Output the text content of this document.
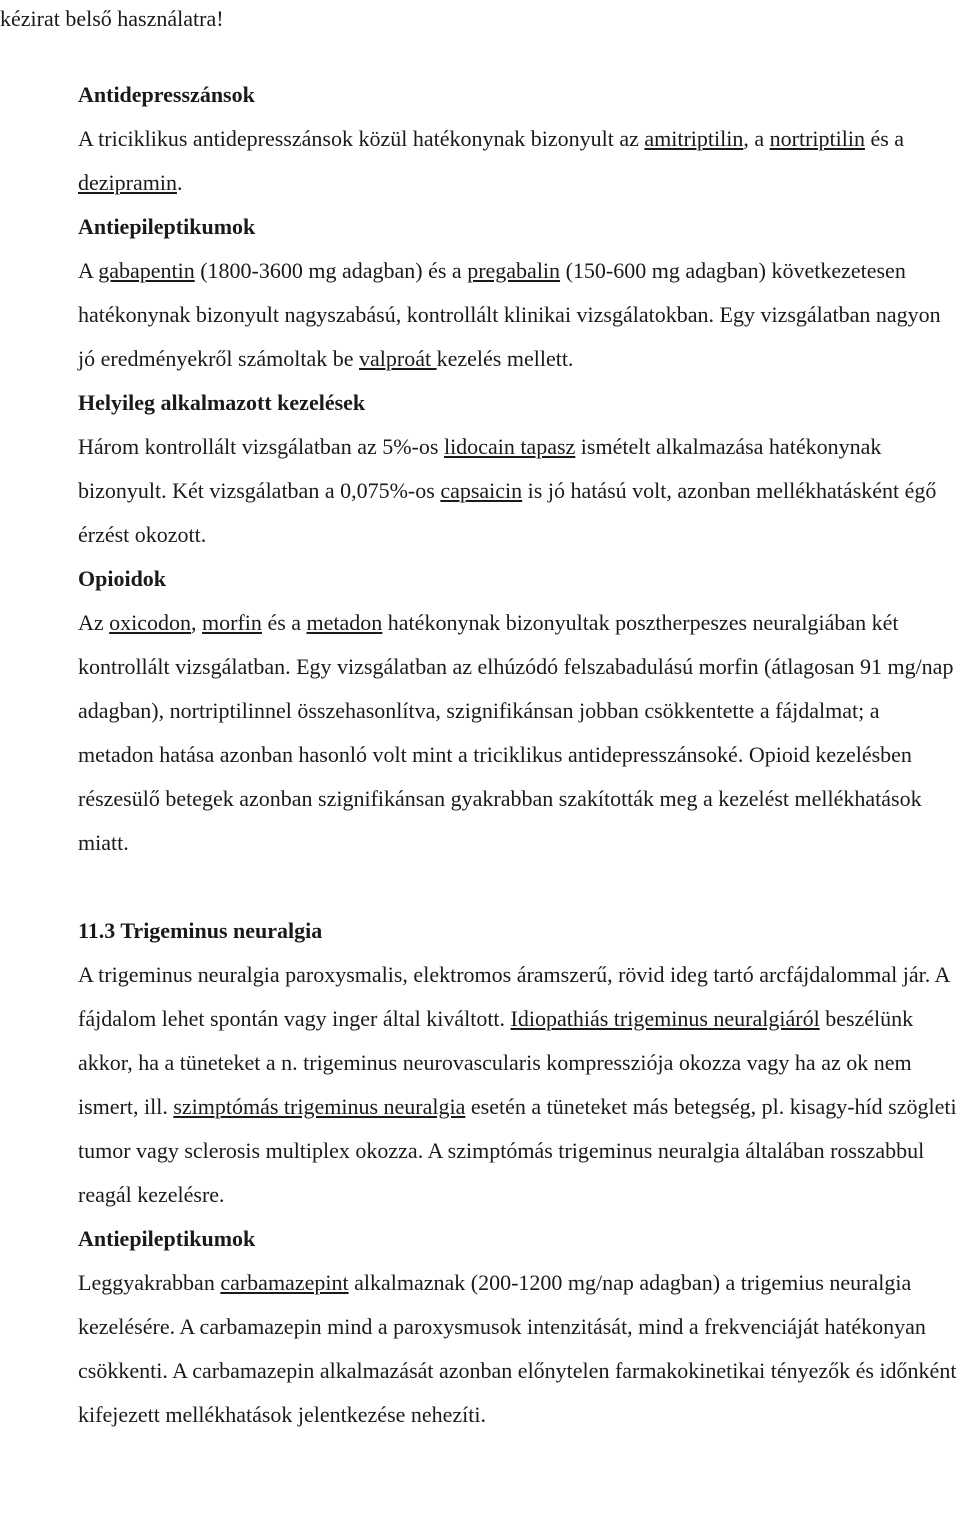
kézirat belső használatra!
Antidepresszánsok

A triciklikus antidepresszánsok közül hatékonynak bizonyult az amitriptilin, a nortriptilin és a dezipramin.

Antiepileptikumok

A gabapentin (1800-3600 mg adagban) és a pregabalin (150-600 mg adagban) következetesen hatékonynak bizonyult nagyszabású, kontrollált klinikai vizsgálatokban. Egy vizsgálatban nagyon jó eredményekről számoltak be valproát kezelés mellett.

Helyileg alkalmazott kezelések

Három kontrollált vizsgálatban az 5%-os lidocain tapasz ismételt alkalmazása hatékonynak bizonyult. Két vizsgálatban a 0,075%-os capsaicin is jó hatású volt, azonban mellékhatásként égő érzést okozott.

Opioidok

Az oxicodon, morfin és a metadon hatékonynak bizonyultak posztherpeszes neuralgiában két kontrollált vizsgálatban. Egy vizsgálatban az elhúzódó felszabadulású morfin (átlagosan 91 mg/nap adagban), nortriptilinnel összehasonlítva, szignifikánsan jobban csökkentette a fájdalmat; a metadon hatása azonban hasonló volt mint a triciklikus antidepresszánsoké. Opioid kezelésben részesülő betegek azonban szignifikánsan gyakrabban szakították meg a kezelést mellékhatások miatt.

11.3 Trigeminus neuralgia

A trigeminus neuralgia paroxysmalis, elektromos áramszerű, rövid ideg tartó arcfájdalommal jár. A fájdalom lehet spontán vagy inger által kiváltott. Idiopathiás trigeminus neuralgiáról beszélünk akkor, ha a tüneteket a n. trigeminus neurovascularis kompressziója okozza vagy ha az ok nem ismert, ill. szimptómás trigeminus neuralgia esetén a tüneteket más betegség, pl. kisagy-híd szögleti tumor vagy sclerosis multiplex okozza. A szimptómás trigeminus neuralgia általában rosszabbul reagál kezelésre.

Antiepileptikumok

Leggyakrabban carbamazepint alkalmaznak (200-1200 mg/nap adagban) a trigemius neuralgia kezelésére. A carbamazepin mind a paroxysmusok intenzitását, mind a frekvenciáját hatékonyan csökkenti. A carbamazepin alkalmazását azonban előnytelen farmakokinetikai tényezők és időnként kifejezett mellékhatások jelentkezése nehezíti.
